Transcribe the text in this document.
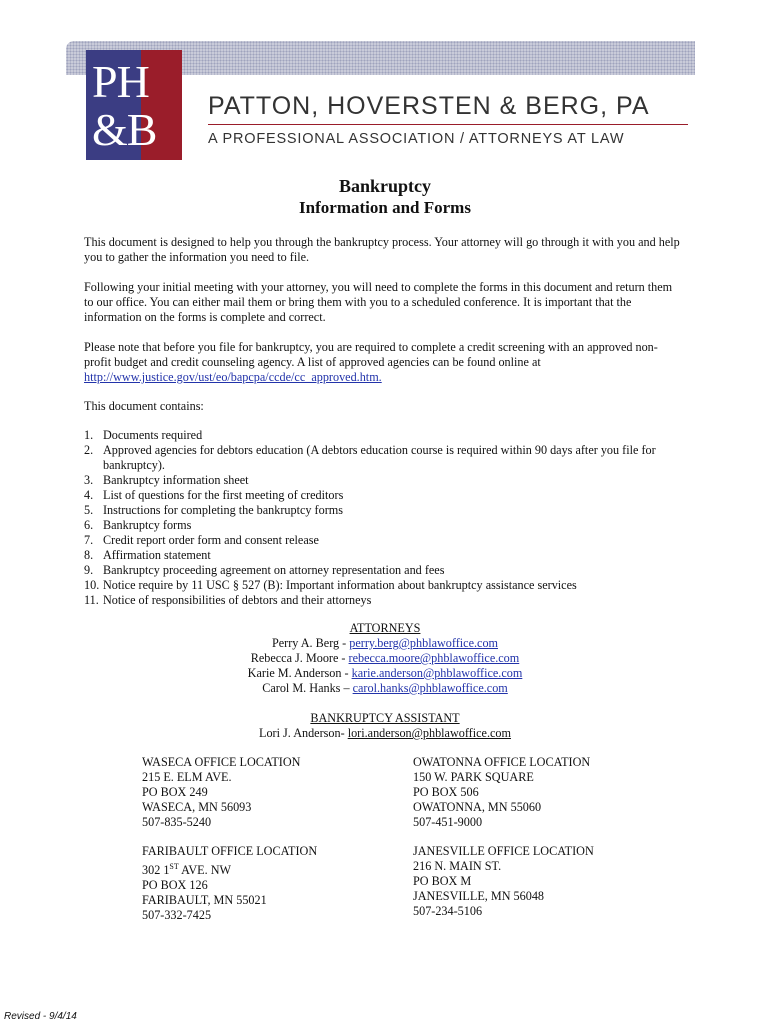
PH
&B	PATTON, HOVERSTEN & BERG, PA
A PROFESSIONAL ASSOCIATION / ATTORNEYS AT LAW
Bankruptcy
Information and Forms

This document is designed to help you through the bankruptcy process. Your attorney will go through it with you and help you to gather the information you need to file.

Following your initial meeting with your attorney, you will need to complete the forms in this document and return them to our office. You can either mail them or bring them with you to a scheduled conference. It is important that the information on the forms is complete and correct.

Please note that before you file for bankruptcy, you are required to complete a credit screening with an approved non-profit budget and credit counseling agency. A list of approved agencies can be found online at http://www.justice.gov/ust/eo/bapcpa/ccde/cc_approved.htm.

This document contains:

1. Documents required
2. Approved agencies for debtors education (A debtors education course is required within 90 days after you file for bankruptcy).
3. Bankruptcy information sheet
4. List of questions for the first meeting of creditors
5. Instructions for completing the bankruptcy forms
6. Bankruptcy forms
7. Credit report order form and consent release
8. Affirmation statement
9. Bankruptcy proceeding agreement on attorney representation and fees
10. Notice require by 11 USC § 527 (B): Important information about bankruptcy assistance services
11. Notice of responsibilities of debtors and their attorneys
ATTORNEYS
Perry A. Berg - perry.berg@phblawoffice.com
Rebecca J. Moore - rebecca.moore@phblawoffice.com
Karie M. Anderson - karie.anderson@phblawoffice.com
Carol M. Hanks – carol.hanks@phblawoffice.com
BANKRUPTCY ASSISTANT
Lori J. Anderson- lori.anderson@phblawoffice.com
WASECA OFFICE LOCATION
215 E. ELM AVE.
PO BOX 249
WASECA, MN 56093
507-835-5240
OWATONNA OFFICE LOCATION
150 W. PARK SQUARE
PO BOX 506
OWATONNA, MN 55060
507-451-9000
FARIBAULT OFFICE LOCATION
302 1ST AVE. NW
PO BOX 126
FARIBAULT, MN 55021
507-332-7425
JANESVILLE OFFICE LOCATION
216 N. MAIN ST.
PO BOX M
JANESVILLE, MN 56048
507-234-5106
Revised - 9/4/14
